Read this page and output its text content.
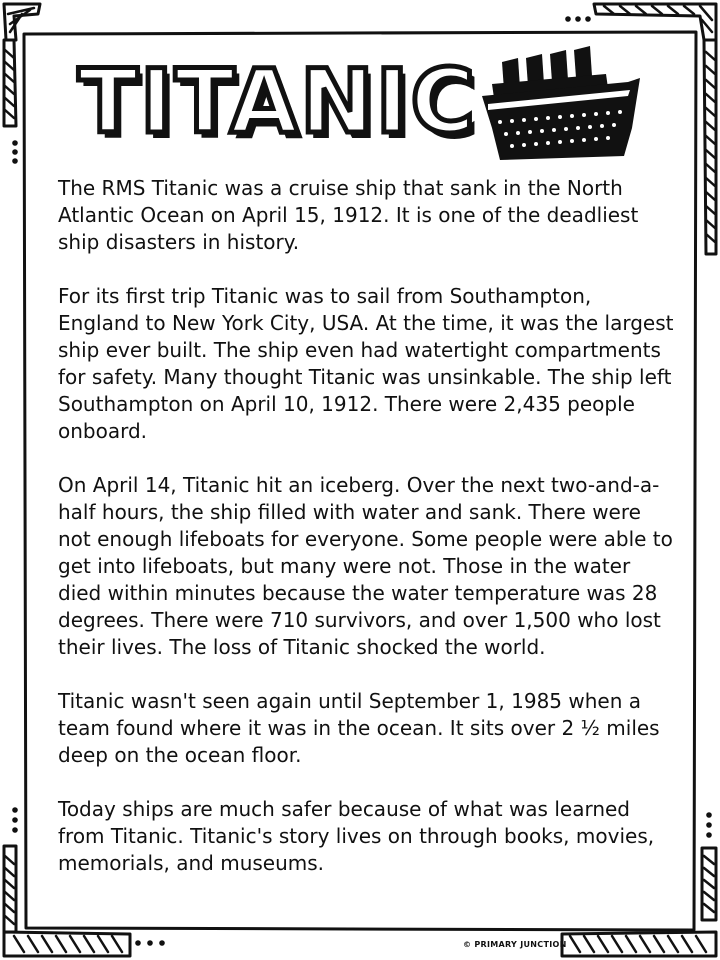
TITANIC

The RMS Titanic was a cruise ship that sank in the North Atlantic Ocean on April 15, 1912. It is one of the deadliest ship disasters in history.

For its first trip Titanic was to sail from Southampton, England to New York City, USA. At the time, it was the largest ship ever built. The ship even had watertight compartments for safety. Many thought Titanic was unsinkable. The ship left Southampton on April 10, 1912. There were 2,435 people onboard.

On April 14, Titanic hit an iceberg. Over the next two-and-a-half hours, the ship filled with water and sank. There were not enough lifeboats for everyone. Some people were able to get into lifeboats, but many were not. Those in the water died within minutes because the water temperature was 28 degrees. There were 710 survivors, and over 1,500 who lost their lives. The loss of Titanic shocked the world.

Titanic wasn't seen again until September 1, 1985 when a team found where it was in the ocean. It sits over 2 ½ miles deep on the ocean floor.

Today ships are much safer because of what was learned from Titanic. Titanic's story lives on through books, movies, memorials, and museums.

© PRIMARY JUNCTION
